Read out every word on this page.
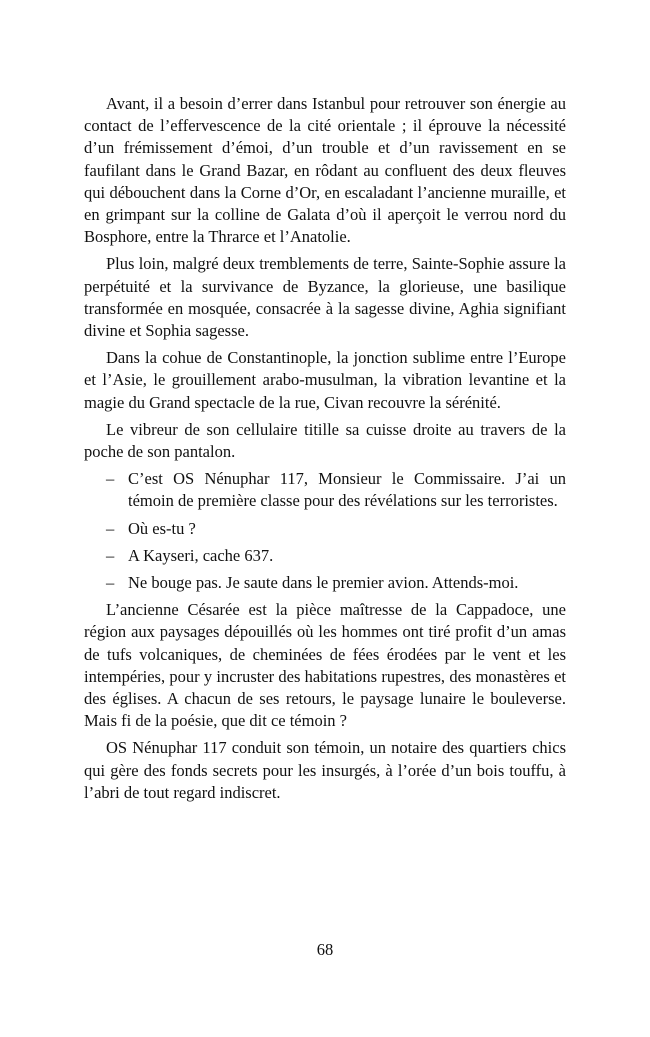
Avant, il a besoin d’errer dans Istanbul pour retrouver son énergie au contact de l’effervescence de la cité orientale ; il éprouve la nécessité d’un frémissement d’émoi, d’un trouble et d’un ravissement en se faufilant dans le Grand Bazar, en rôdant au confluent des deux fleuves qui débouchent dans la Corne d’Or, en escaladant l’ancienne muraille, et en grimpant sur la colline de Galata d’où il aperçoit le verrou nord du Bosphore, entre la Thrarce et l’Anatolie.

Plus loin, malgré deux tremblements de terre, Sainte-Sophie assure la perpétuité et la survivance de Byzance, la glorieuse, une basilique transformée en mosquée, consacrée à la sagesse divine, Aghia signifiant divine et Sophia sagesse.

Dans la cohue de Constantinople, la jonction sublime entre l’Europe et l’Asie, le grouillement arabo-musulman, la vibration levantine et la magie du Grand spectacle de la rue, Civan recouvre la sérénité.

Le vibreur de son cellulaire titille sa cuisse droite au travers de la poche de son pantalon.

– C’est OS Nénuphar 117, Monsieur le Commissaire. J’ai un témoin de première classe pour des révélations sur les terroristes.
– Où es-tu ?
– A Kayseri, cache 637.
– Ne bouge pas. Je saute dans le premier avion. Attends-moi.

L’ancienne Césarée est la pièce maîtresse de la Cappadoce, une région aux paysages dépouillés où les hommes ont tiré profit d’un amas de tufs volcaniques, de cheminées de fées érodées par le vent et les intempéries, pour y incruster des habitations rupestres, des monastères et des églises. A chacun de ses retours, le paysage lunaire le bouleverse. Mais fi de la poésie, que dit ce témoin ?

OS Nénuphar 117 conduit son témoin, un notaire des quartiers chics qui gère des fonds secrets pour les insurgés, à l’orée d’un bois touffu, à l’abri de tout regard indiscret.

68
